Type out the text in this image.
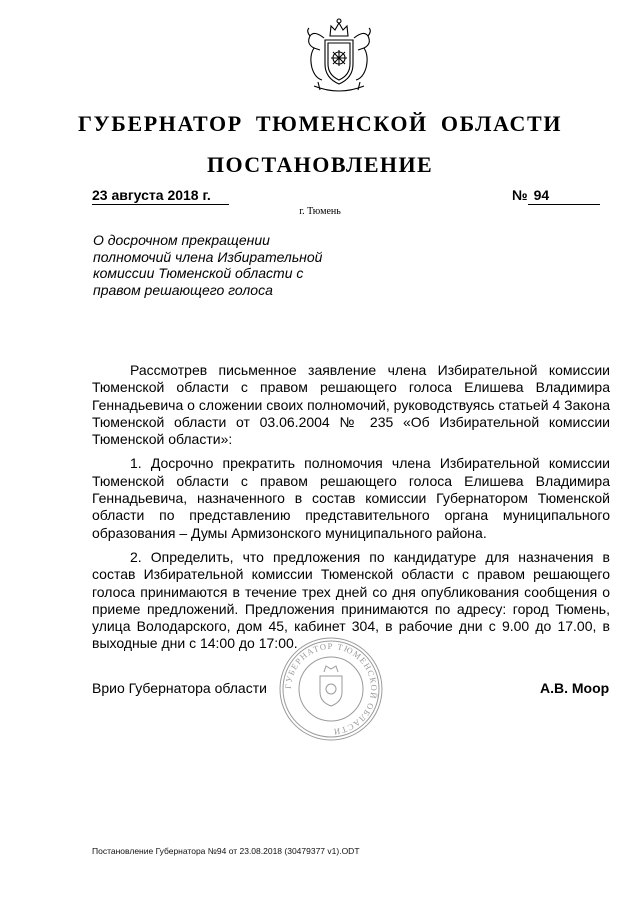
ГУБЕРНАТОР ТЮМЕНСКОЙ ОБЛАСТИ
ПОСТАНОВЛЕНИЕ
23 августа 2018 г.	№ 94
г. Тюмень
О досрочном прекращении полномочий члена Избирательной комиссии Тюменской области с правом решающего голоса

Рассмотрев письменное заявление члена Избирательной комиссии Тюменской области с правом решающего голоса Елишева Владимира Геннадьевича о сложении своих полномочий, руководствуясь статьей 4 Закона Тюменской области от 03.06.2004 № 235 «Об Избирательной комиссии Тюменской области»:

1. Досрочно прекратить полномочия члена Избирательной комиссии Тюменской области с правом решающего голоса Елишева Владимира Геннадьевича, назначенного в состав комиссии Губернатором Тюменской области по представлению представительного органа муниципального образования – Думы Армизонского муниципального района.

2. Определить, что предложения по кандидатуре для назначения в состав Избирательной комиссии Тюменской области с правом решающего голоса принимаются в течение трех дней со дня опубликования сообщения о приеме предложений. Предложения принимаются по адресу: город Тюмень, улица Володарского, дом 45, кабинет 304, в рабочие дни с 9.00 до 17.00, в выходные дни с 14:00 до 17:00.

ГУБЕРНАТОР ТЮМЕНСКОЙ ОБЛАСТИ
Врио Губернатора области	А.В. Моор
Постановление Губернатора №94 от 23.08.2018 (30479377 v1).ODT
